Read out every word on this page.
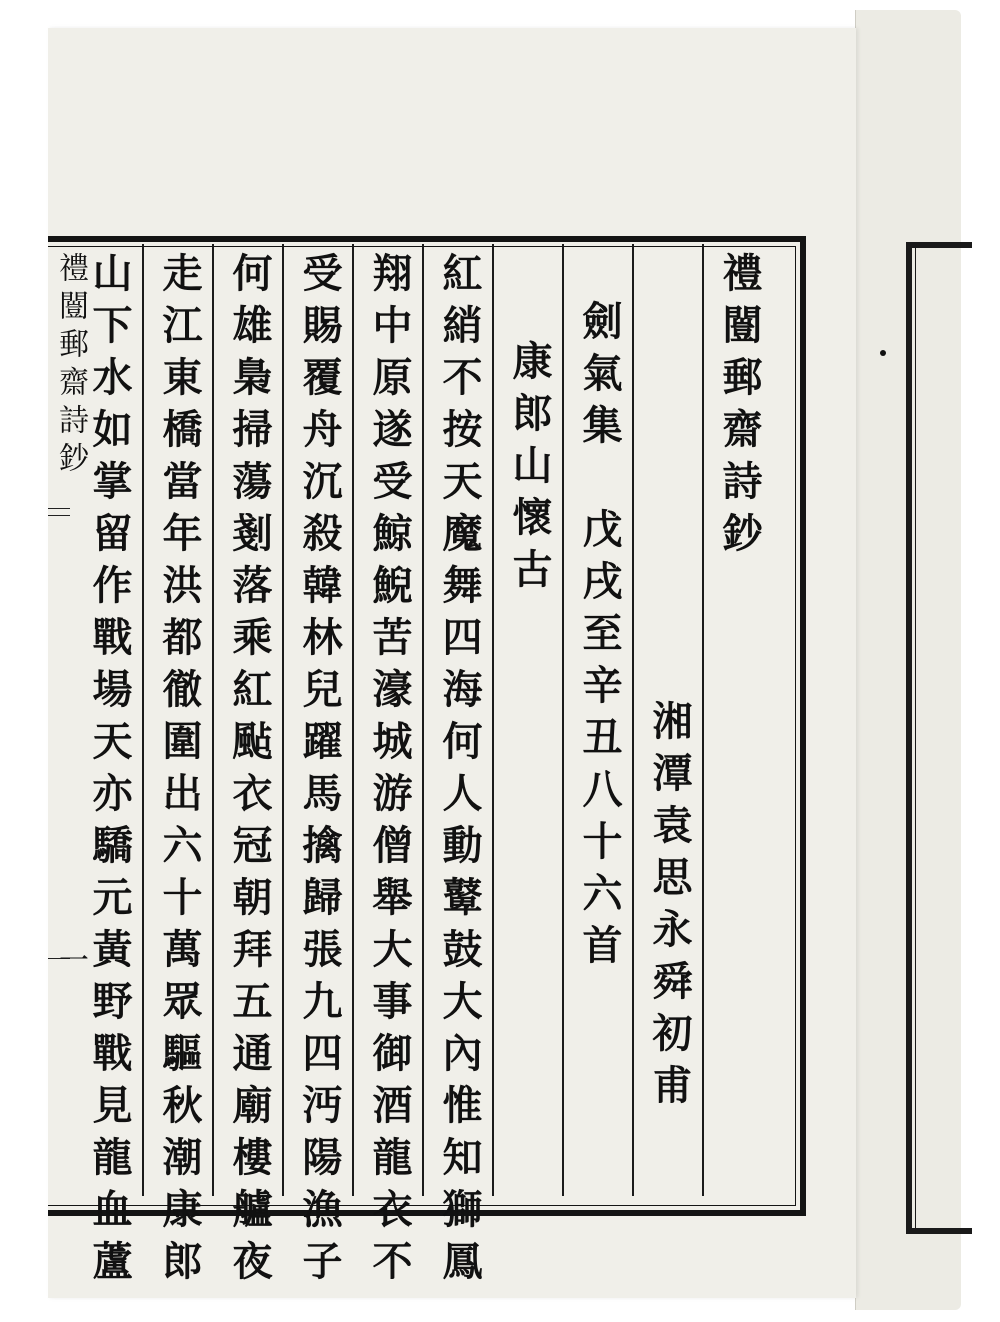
禮闓郵齋詩鈔
一
禮闓郵齋詩鈔
湘潭袁思永舜初甫
劍氣集　戊戌至辛丑八十六首
康郎山懷古
紅綃不按天魔舞四海何人動鼙鼓大內惟知獅鳳
翔中原遂受鯨鯢苦濠城游僧舉大事御酒龍衣不
受賜覆舟沉殺韓林兒躍馬擒歸張九四沔陽漁子
何雄梟掃蕩剗落乘紅颭衣冠朝拜五通廟樓艫夜
走江東橋當年洪都徹圍出六十萬眾驅秋潮康郎
山下水如掌留作戰場天亦驕元黃野戰見龍血蘆
